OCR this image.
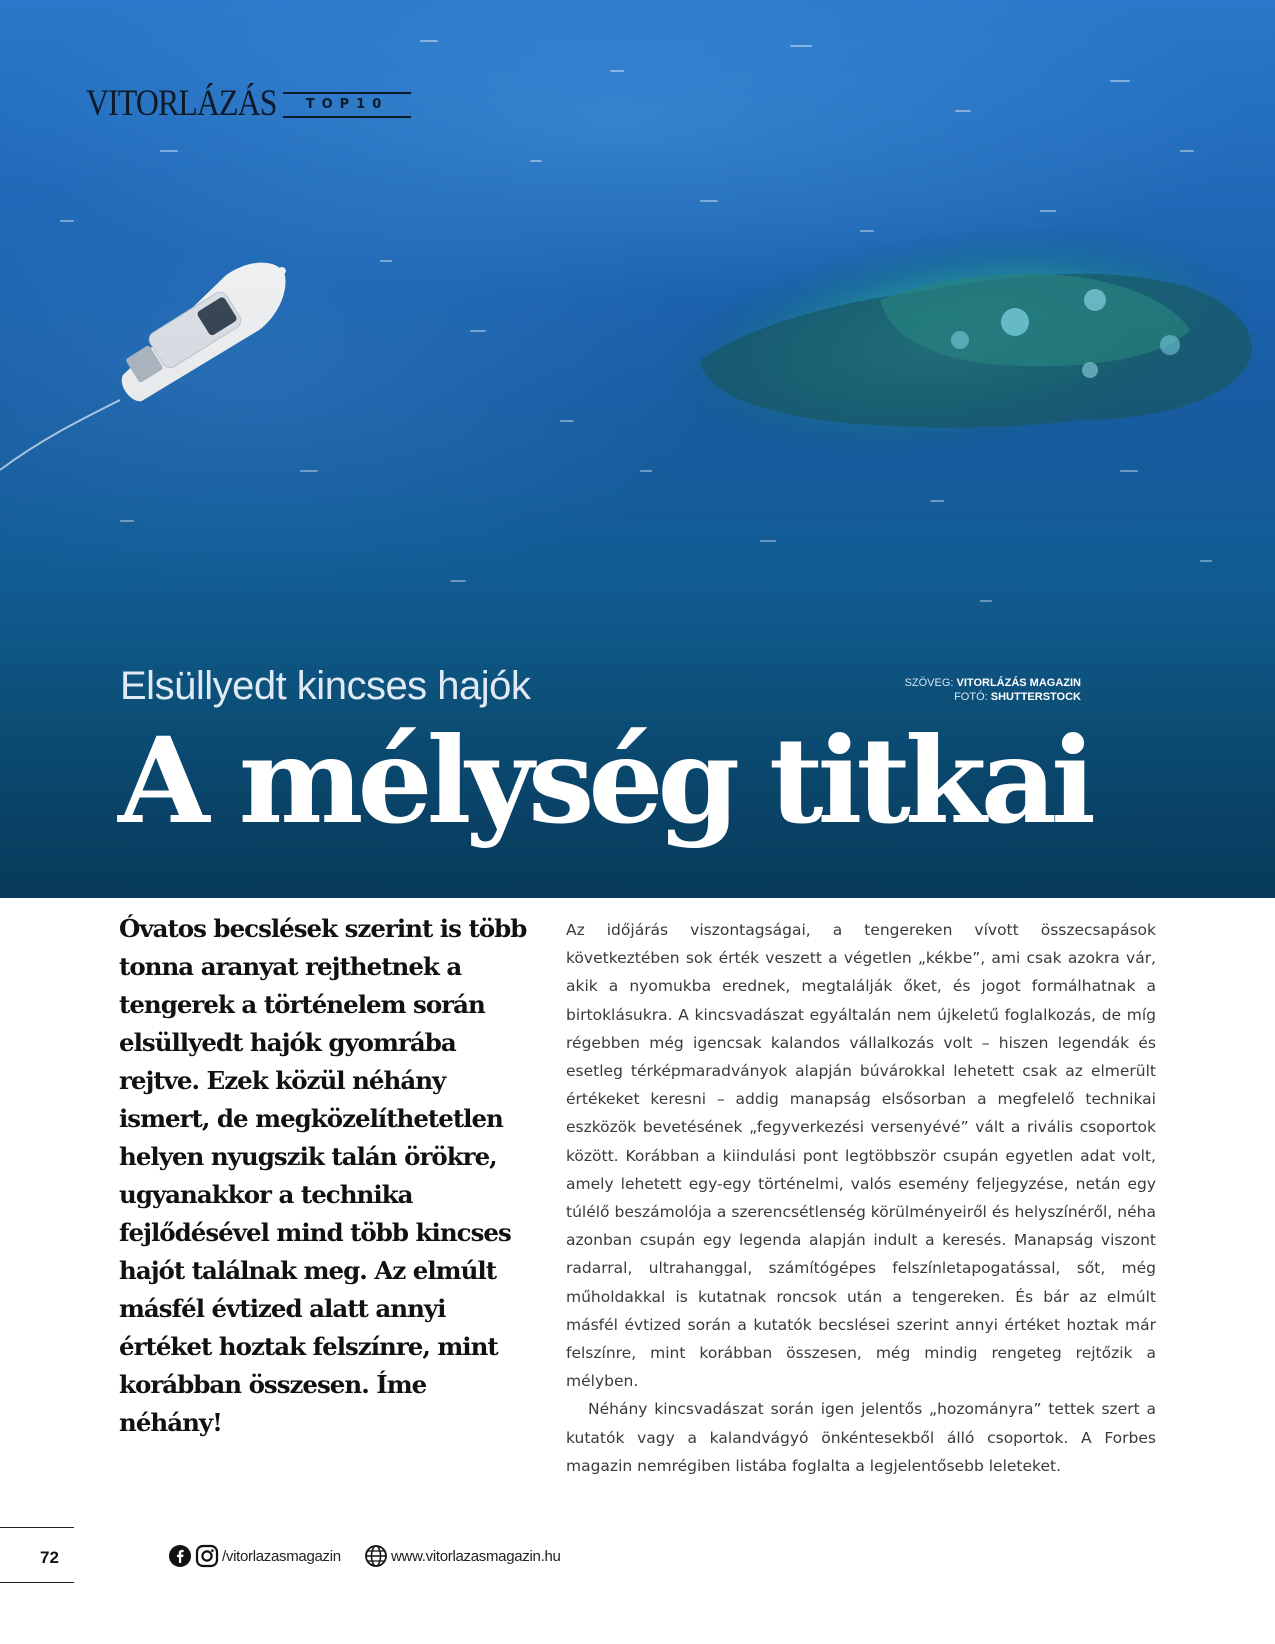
VITORLÁZÁS	TOP10
Elsüllyedt kincses hajók	SZÖVEG: VITORLÁZÁS MAGAZIN
FOTÓ: SHUTTERSTOCK
A mélység titkai

Óvatos becslések szerint is több tonna aranyat rejthetnek a tengerek a történelem során elsüllyedt hajók gyomrába rejtve. Ezek közül néhány ismert, de megközelíthetetlen helyen nyugszik talán örökre, ugyanakkor a technika fejlődésével mind több kincses hajót találnak meg. Az elmúlt másfél évtized alatt annyi értéket hoztak felszínre, mint korábban összesen. Íme néhány!

Az időjárás viszontagságai, a tengereken vívott összecsapások következtében sok érték veszett a végetlen „kékbe”, ami csak azokra vár, akik a nyomukba erednek, megtalálják őket, és jogot formálhatnak a birtoklásukra. A kincsvadászat egyáltalán nem újkeletű foglalkozás, de míg régebben még igencsak kalandos vállalkozás volt – hiszen legendák és esetleg térképmaradványok alapján búvárokkal lehetett csak az elmerült értékeket keresni – addig manapság elsősorban a megfelelő technikai eszközök bevetésének „fegyverkezési versenyévé” vált a rivális csoportok között. Korábban a kiindulási pont legtöbbször csupán egyetlen adat volt, amely lehetett egy-egy történelmi, valós esemény feljegyzése, netán egy túlélő beszámolója a szerencsétlenség körülményeiről és helyszínéről, néha azonban csupán egy legenda alapján indult a keresés. Manapság viszont radarral, ultrahanggal, számítógépes felszínletapogatással, sőt, még műholdakkal is kutatnak roncsok után a tengereken. És bár az elmúlt másfél évtized során a kutatók becslései szerint annyi értéket hoztak már felszínre, mint korábban összesen, még mindig rengeteg rejtőzik a mélyben.

Néhány kincsvadászat során igen jelentős „hozományra” tettek szert a kutatók vagy a kalandvágyó önkéntesekből álló csoportok. A Forbes magazin nemrégiben listába foglalta a legjelentősebb leleteket.

72	/vitorlazasmagazin	www.vitorlazasmagazin.hu
